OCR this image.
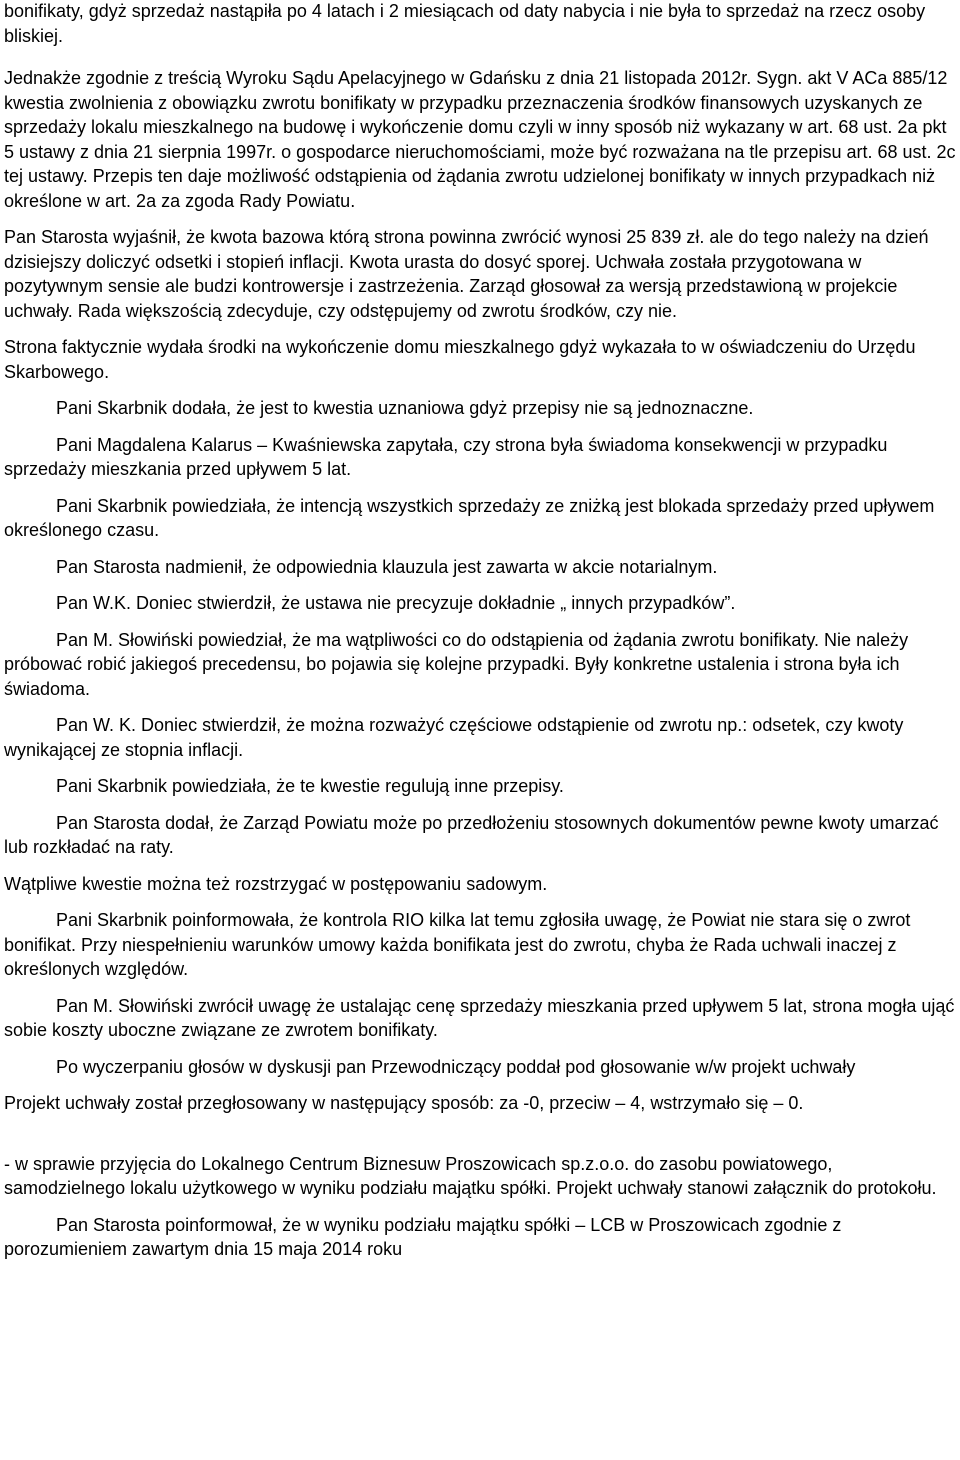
bonifikaty, gdyż sprzedaż nastąpiła po 4 latach i 2 miesiącach od daty nabycia i nie była to sprzedaż na rzecz osoby bliskiej.

Jednakże zgodnie z treścią Wyroku Sądu Apelacyjnego w Gdańsku z dnia 21 listopada 2012r. Sygn. akt V ACa 885/12 kwestia zwolnienia z obowiązku zwrotu bonifikaty w przypadku przeznaczenia środków finansowych uzyskanych ze sprzedaży lokalu mieszkalnego na budowę i wykończenie domu czyli w inny sposób niż wykazany w art. 68 ust. 2a pkt 5 ustawy z dnia 21 sierpnia 1997r. o gospodarce nieruchomościami, może być rozważana na tle przepisu art. 68 ust. 2c tej ustawy. Przepis ten daje możliwość odstąpienia od żądania zwrotu udzielonej bonifikaty w innych przypadkach niż określone w art. 2a za zgoda Rady Powiatu.

Pan Starosta wyjaśnił, że kwota bazowa którą strona powinna zwrócić wynosi 25 839 zł. ale do tego należy na dzień dzisiejszy doliczyć odsetki i stopień inflacji. Kwota urasta do dosyć sporej. Uchwała została przygotowana w pozytywnym sensie ale budzi kontrowersje i zastrzeżenia. Zarząd głosował za wersją przedstawioną w projekcie uchwały. Rada większością zdecyduje, czy odstępujemy od zwrotu środków, czy nie.

Strona faktycznie wydała środki na wykończenie domu mieszkalnego gdyż wykazała to w oświadczeniu do Urzędu Skarbowego.

Pani Skarbnik dodała, że jest to kwestia uznaniowa gdyż przepisy nie są jednoznaczne.

Pani Magdalena Kalarus – Kwaśniewska zapytała, czy strona była świadoma konsekwencji w przypadku sprzedaży mieszkania przed upływem 5 lat.

Pani Skarbnik powiedziała, że intencją wszystkich sprzedaży ze zniżką jest blokada sprzedaży przed upływem określonego czasu.

Pan Starosta nadmienił, że odpowiednia klauzula jest zawarta w akcie notarialnym.

Pan W.K. Doniec stwierdził, że ustawa nie precyzuje dokładnie „ innych przypadków”.

Pan M. Słowiński powiedział, że ma wątpliwości co do odstąpienia od żądania zwrotu bonifikaty. Nie należy próbować robić jakiegoś precedensu, bo pojawia się kolejne przypadki. Były konkretne ustalenia i strona była ich świadoma.

Pan W. K. Doniec stwierdził, że można rozważyć częściowe odstąpienie od zwrotu np.: odsetek, czy kwoty wynikającej ze stopnia inflacji.

Pani Skarbnik powiedziała, że te kwestie regulują inne przepisy.

Pan Starosta dodał, że Zarząd Powiatu może po przedłożeniu stosownych dokumentów pewne kwoty umarzać lub rozkładać na raty.

Wątpliwe kwestie można też rozstrzygać w postępowaniu sadowym.

Pani Skarbnik poinformowała, że kontrola RIO kilka lat temu zgłosiła uwagę, że Powiat nie stara się o zwrot bonifikat. Przy niespełnieniu warunków umowy każda bonifikata jest do zwrotu, chyba że Rada uchwali inaczej z określonych względów.

Pan M. Słowiński zwrócił uwagę że ustalając cenę sprzedaży mieszkania przed upływem 5 lat, strona mogła ująć sobie koszty uboczne związane ze zwrotem bonifikaty.

Po wyczerpaniu głosów w dyskusji pan Przewodniczący poddał pod głosowanie w/w projekt uchwały

Projekt uchwały został przegłosowany w następujący sposób: za -0, przeciw – 4, wstrzymało się – 0.

- w sprawie przyjęcia do Lokalnego Centrum Biznesuw Proszowicach sp.z.o.o. do zasobu powiatowego, samodzielnego lokalu użytkowego w wyniku podziału majątku spółki. Projekt uchwały stanowi załącznik do protokołu.

Pan Starosta poinformował, że w wyniku podziału majątku spółki – LCB w Proszowicach zgodnie z porozumieniem zawartym dnia 15 maja 2014 roku
